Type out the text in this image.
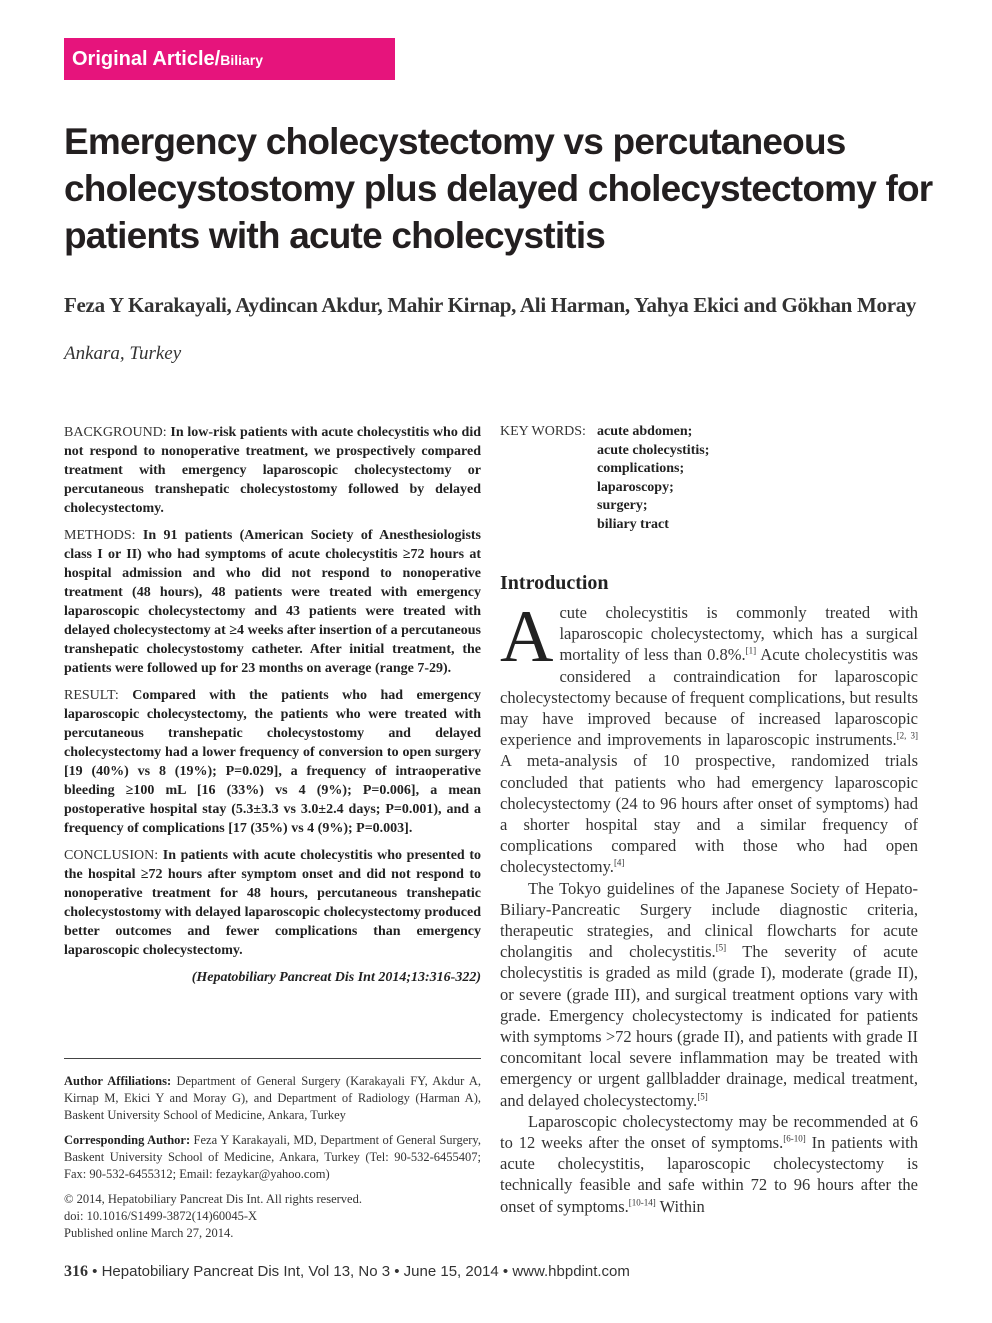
Original Article/Biliary
Emergency cholecystectomy vs percutaneous cholecystostomy plus delayed cholecystectomy for patients with acute cholecystitis
Feza Y Karakayali, Aydincan Akdur, Mahir Kirnap, Ali Harman, Yahya Ekici and Gökhan Moray
Ankara, Turkey

BACKGROUND: In low-risk patients with acute cholecystitis who did not respond to nonoperative treatment, we prospectively compared treatment with emergency laparoscopic cholecystectomy or percutaneous transhepatic cholecystostomy followed by delayed cholecystectomy.

METHODS: In 91 patients (American Society of Anesthesiologists class I or II) who had symptoms of acute cholecystitis ≥72 hours at hospital admission and who did not respond to nonoperative treatment (48 hours), 48 patients were treated with emergency laparoscopic cholecystectomy and 43 patients were treated with delayed cholecystectomy at ≥4 weeks after insertion of a percutaneous transhepatic cholecystostomy catheter. After initial treatment, the patients were followed up for 23 months on average (range 7-29).

RESULT: Compared with the patients who had emergency laparoscopic cholecystectomy, the patients who were treated with percutaneous transhepatic cholecystostomy and delayed cholecystectomy had a lower frequency of conversion to open surgery [19 (40%) vs 8 (19%); P=0.029], a frequency of intraoperative bleeding ≥100 mL [16 (33%) vs 4 (9%); P=0.006], a mean postoperative hospital stay (5.3±3.3 vs 3.0±2.4 days; P=0.001), and a frequency of complications [17 (35%) vs 4 (9%); P=0.003].

CONCLUSION: In patients with acute cholecystitis who presented to the hospital ≥72 hours after symptom onset and did not respond to nonoperative treatment for 48 hours, percutaneous transhepatic cholecystostomy with delayed laparoscopic cholecystectomy produced better outcomes and fewer complications than emergency laparoscopic cholecystectomy.

(Hepatobiliary Pancreat Dis Int 2014;13:316-322)

Author Affiliations: Department of General Surgery (Karakayali FY, Akdur A, Kirnap M, Ekici Y and Moray G), and Department of Radiology (Harman A), Baskent University School of Medicine, Ankara, Turkey

Corresponding Author: Feza Y Karakayali, MD, Department of General Surgery, Baskent University School of Medicine, Ankara, Turkey (Tel: 90-532-6455407; Fax: 90-532-6455312; Email: fezaykar@yahoo.com)

© 2014, Hepatobiliary Pancreat Dis Int. All rights reserved.
doi: 10.1016/S1499-3872(14)60045-X
Published online March 27, 2014.
KEY WORDS: acute abdomen;
acute cholecystitis;
complications;
laparoscopy;
surgery;
biliary tract
Introduction

Acute cholecystitis is commonly treated with laparoscopic cholecystectomy, which has a surgical mortality of less than 0.8%.[1] Acute cholecystitis was considered a contraindication for laparoscopic cholecystectomy because of frequent complications, but results may have improved because of increased laparoscopic experience and improvements in laparoscopic instruments.[2, 3] A meta-analysis of 10 prospective, randomized trials concluded that patients who had emergency laparoscopic cholecystectomy (24 to 96 hours after onset of symptoms) had a shorter hospital stay and a similar frequency of complications compared with those who had open cholecystectomy.[4]

The Tokyo guidelines of the Japanese Society of Hepato-Biliary-Pancreatic Surgery include diagnostic criteria, therapeutic strategies, and clinical flowcharts for acute cholangitis and cholecystitis.[5] The severity of acute cholecystitis is graded as mild (grade I), moderate (grade II), or severe (grade III), and surgical treatment options vary with grade. Emergency cholecystectomy is indicated for patients with symptoms >72 hours (grade II), and patients with grade II concomitant local severe inflammation may be treated with emergency or urgent gallbladder drainage, medical treatment, and delayed cholecystectomy.[5]

Laparoscopic cholecystectomy may be recommended at 6 to 12 weeks after the onset of symptoms.[6-10] In patients with acute cholecystitis, laparoscopic cholecystectomy is technically feasible and safe within 72 to 96 hours after the onset of symptoms.[10-14] Within

316 • Hepatobiliary Pancreat Dis Int, Vol 13, No 3 • June 15, 2014 • www.hbpdint.com
